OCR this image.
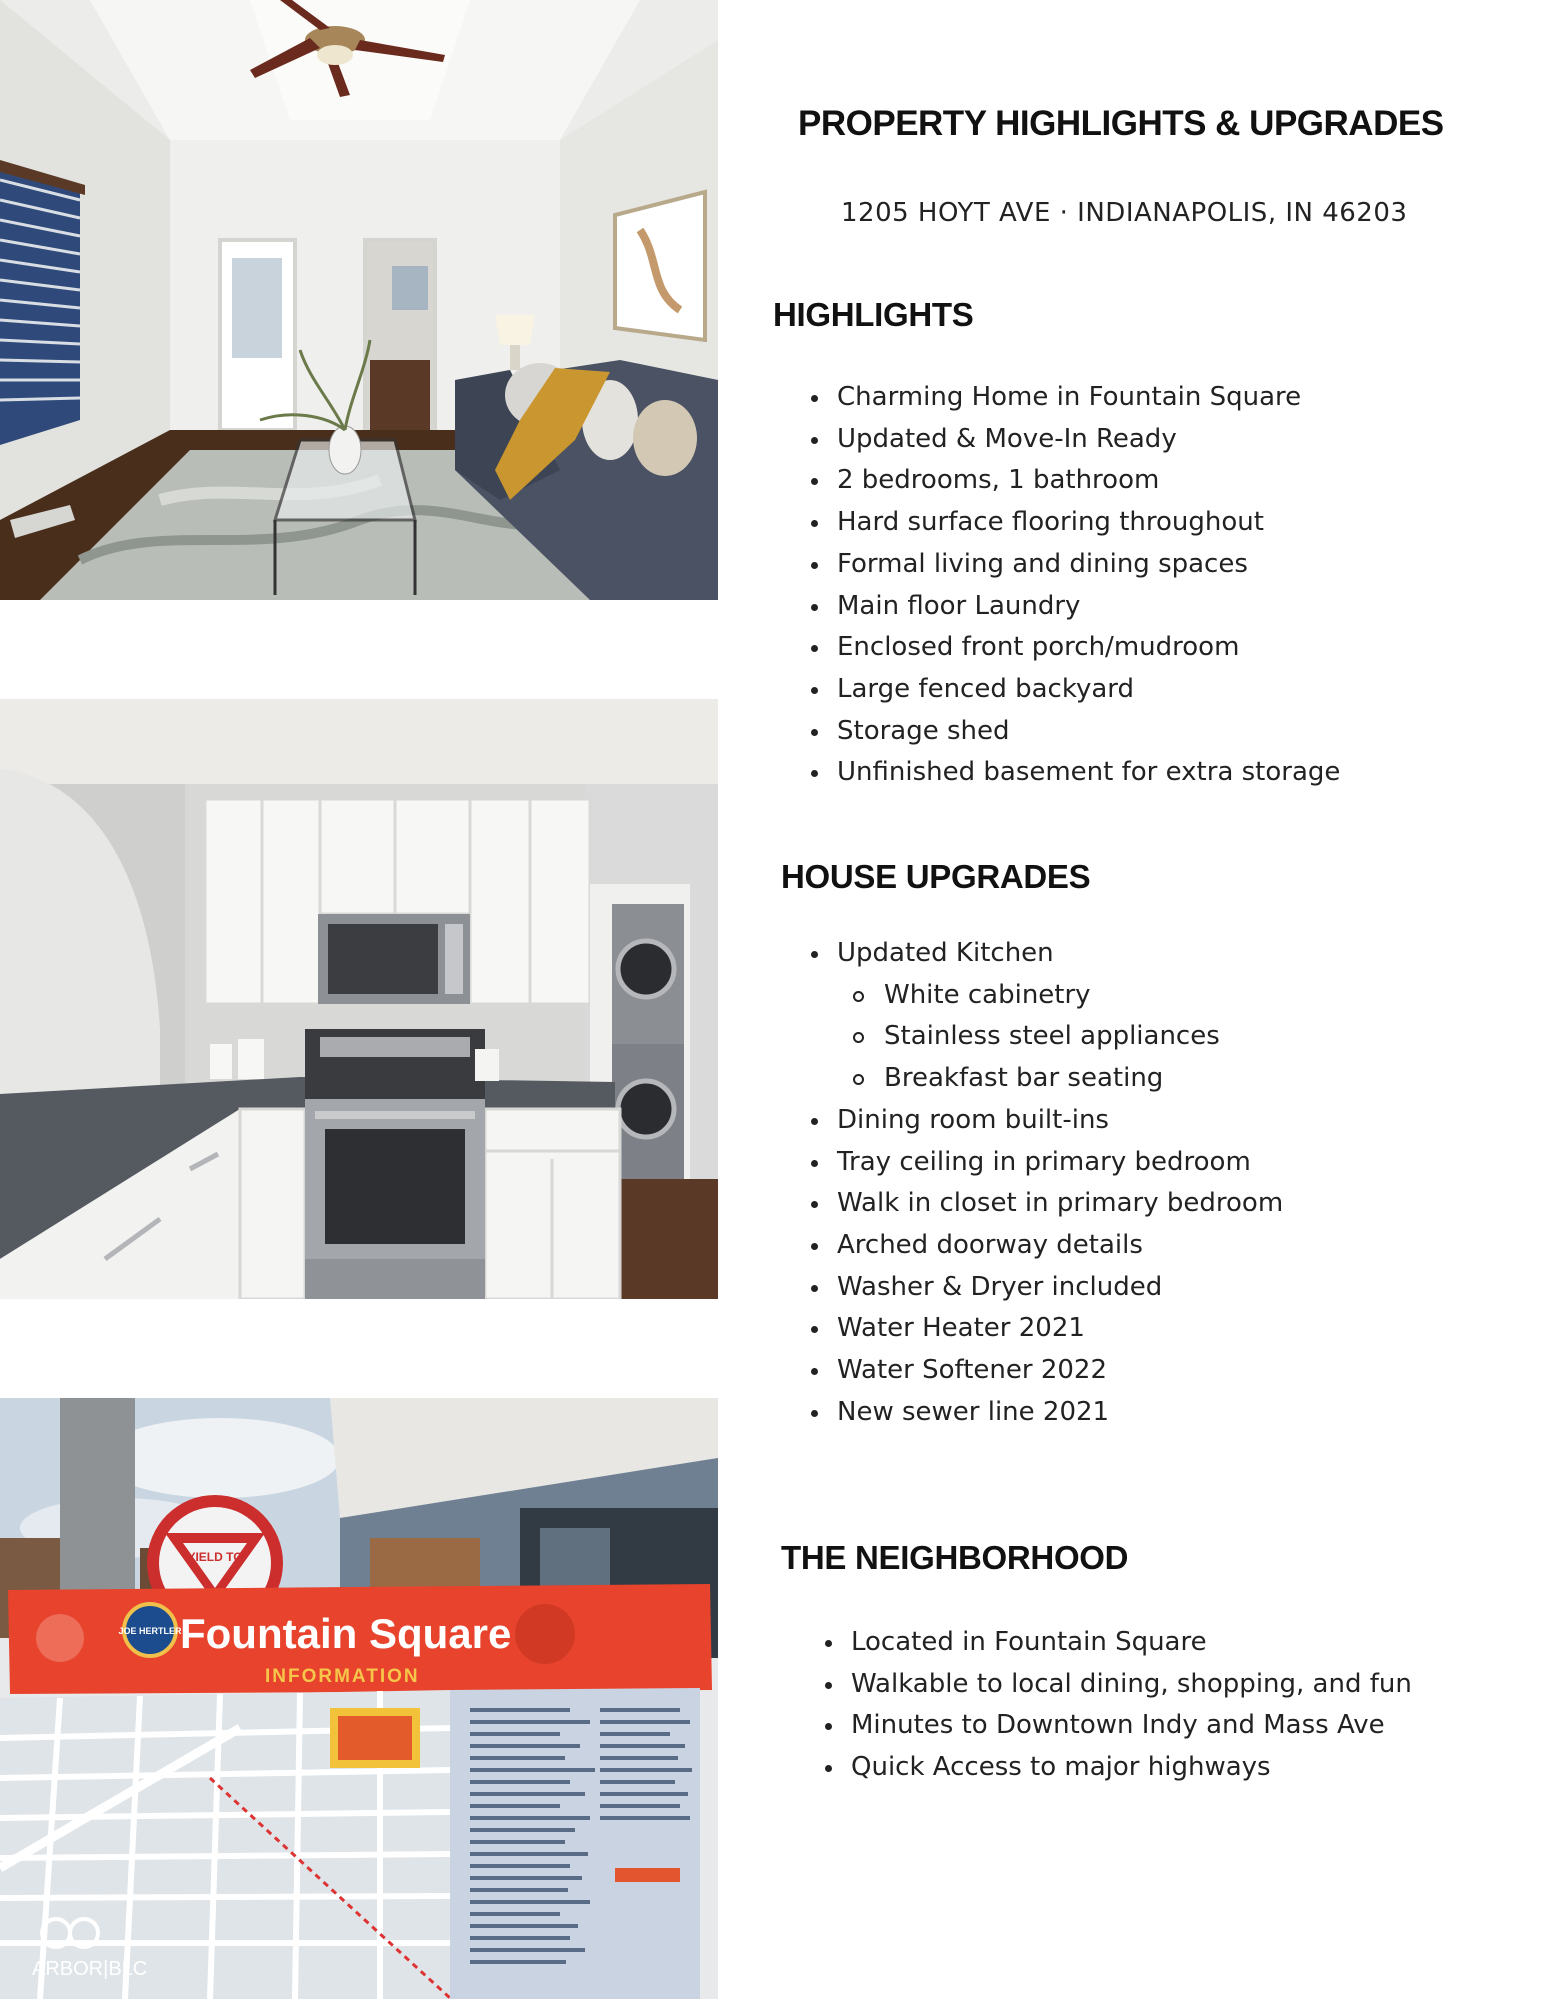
YIELD TO
JOE HERTLER
Fountain Square
INFORMATION
ARBOR|BLC
PROPERTY HIGHLIGHTS & UPGRADES
1205 HOYT AVE · INDIANAPOLIS, IN 46203
HIGHLIGHTS
Charming Home in Fountain Square
Updated & Move-In Ready
2 bedrooms, 1 bathroom
Hard surface flooring throughout
Formal living and dining spaces
Main floor Laundry
Enclosed front porch/mudroom
Large fenced backyard
Storage shed
Unfinished basement for extra storage
HOUSE UPGRADES
Updated Kitchen
White cabinetry
Stainless steel appliances
Breakfast bar seating
Dining room built-ins
Tray ceiling in primary bedroom
Walk in closet in primary bedroom
Arched doorway details
Washer & Dryer included
Water Heater 2021
Water Softener 2022
New sewer line 2021
THE NEIGHBORHOOD
Located in Fountain Square
Walkable to local dining, shopping, and fun
Minutes to Downtown Indy and Mass Ave
Quick Access to major highways
